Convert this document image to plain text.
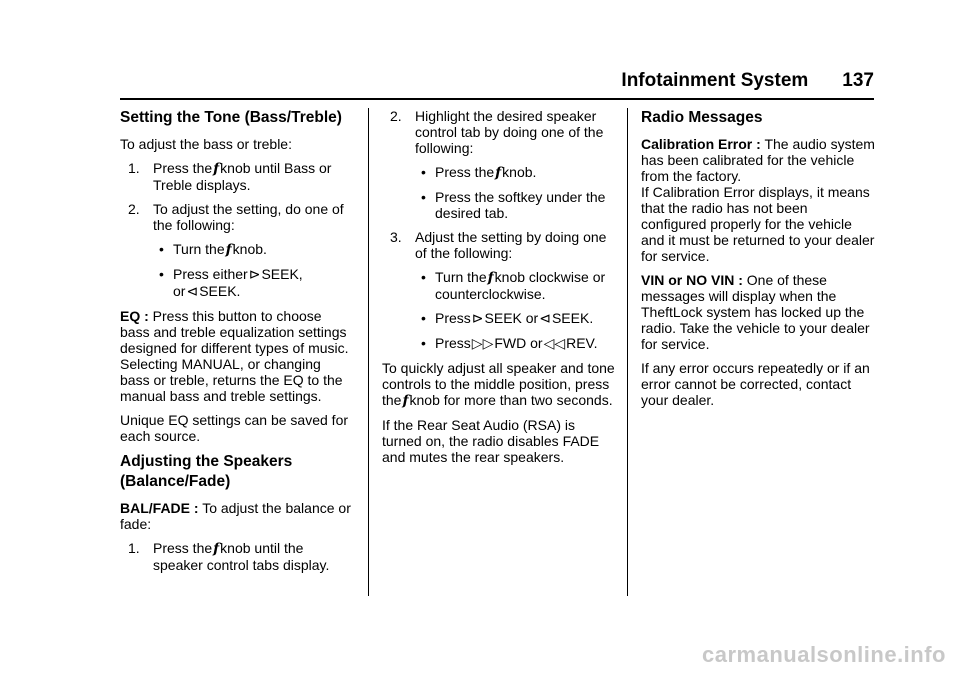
Infotainment System 137
Setting the Tone (Bass/Treble)

To adjust the bass or treble:

1. Press thefknob until Bass or Treble displays.
2. To adjust the setting, do one of the following:
• Turn thefknob.
• Press either⊳SEEK,
or⊲SEEK.

EQ : Press this button to choose bass and treble equalization settings designed for different types of music. Selecting MANUAL, or changing bass or treble, returns the EQ to the manual bass and treble settings.

Unique EQ settings can be saved for each source.

Adjusting the Speakers (Balance/Fade)

BAL/FADE : To adjust the balance or fade:

1. Press thefknob until the speaker control tabs display.
2. Highlight the desired speaker control tab by doing one of the following:
• Press thefknob.
• Press the softkey under the desired tab.
3. Adjust the setting by doing one of the following:
• Turn thefknob clockwise or counterclockwise.
• Press⊳SEEK or⊲SEEK.
• Press▷▷FWD or◁◁REV.

To quickly adjust all speaker and tone controls to the middle position, press thefknob for more than two seconds.

If the Rear Seat Audio (RSA) is turned on, the radio disables FADE and mutes the rear speakers.

Radio Messages

Calibration Error : The audio system has been calibrated for the vehicle from the factory.

If Calibration Error displays, it means that the radio has not been configured properly for the vehicle and it must be returned to your dealer for service.

VIN or NO VIN : One of these messages will display when the TheftLock system has locked up the radio. Take the vehicle to your dealer for service.

If any error occurs repeatedly or if an error cannot be corrected, contact your dealer.

carmanualsonline.info
